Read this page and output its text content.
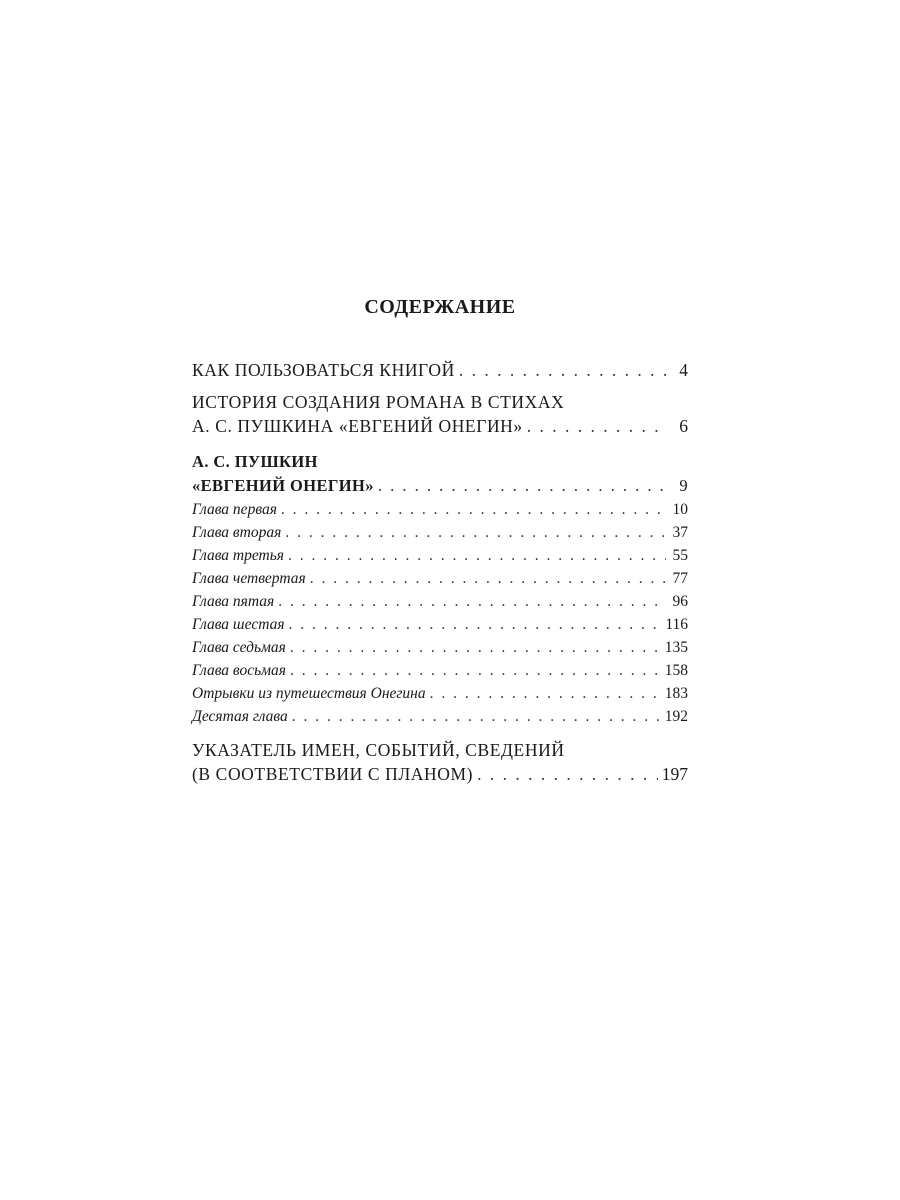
СОДЕРЖАНИЕ
КАК ПОЛЬЗОВАТЬСЯ КНИГОЙ . . .	4
ИСТОРИЯ СОЗДАНИЯ РОМАНА В СТИХАХ
А. С. ПУШКИНА «ЕВГЕНИЙ ОНЕГИН» . . .	6
А. С. ПУШКИН
«ЕВГЕНИЙ ОНЕГИН» . . .	9
Глава первая . . .	10
Глава вторая . . .	37
Глава третья . . .	55
Глава четвертая . . .	77
Глава пятая . . .	96
Глава шестая . . .	116
Глава седьмая . . .	135
Глава восьмая . . .	158
Отрывки из путешествия Онегина . . .	183
Десятая глава . . .	192
УКАЗАТЕЛЬ ИМЕН, СОБЫТИЙ, СВЕДЕНИЙ
(В СООТВЕТСТВИИ С ПЛАНОМ) . . .	197
